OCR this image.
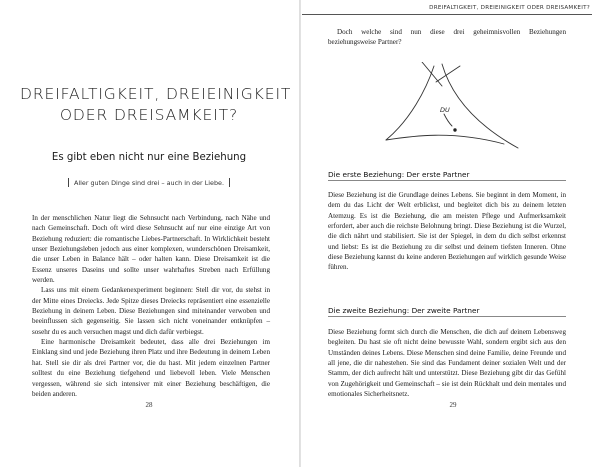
DREIFALTIGKEIT, DREIEINIGKEIT
ODER DREISAMKEIT?
Es gibt eben nicht nur eine Beziehung
Aller guten Dinge sind drei – auch in der Liebe.

In der menschlichen Natur liegt die Sehnsucht nach Verbindung, nach Nähe und nach Gemeinschaft. Doch oft wird diese Sehnsucht auf nur eine einzige Art von Beziehung reduziert: die romantische Liebes-Partnerschaft. In Wirklichkeit besteht unser Beziehungsleben jedoch aus einer komplexen, wunderschönen Dreisamkeit, die unser Leben in Balance hält – oder halten kann. Diese Dreisamkeit ist die Essenz unseres Daseins und sollte unser wahrhaftes Streben nach Erfüllung werden.

Lass uns mit einem Gedankenexperiment beginnen: Stell dir vor, du stehst in der Mitte eines Dreiecks. Jede Spitze dieses Dreiecks repräsentiert eine essenzielle Beziehung in deinem Leben. Diese Beziehungen sind miteinander verwoben und beeinflussen sich gegenseitig. Sie lassen sich nicht voneinander entknüpfen – sosehr du es auch versuchen magst und dich dafür verbiegst.

Eine harmonische Dreisamkeit bedeutet, dass alle drei Beziehungen im Einklang sind und jede Beziehung ihren Platz und ihre Bedeutung in deinem Leben hat. Stell sie dir als drei Partner vor, die du hast. Mit jedem einzelnen Partner solltest du eine Beziehung tiefgehend und liebevoll leben. Viele Menschen vergessen, während sie sich intensiver mit einer Beziehung beschäftigen, die beiden anderen.

28
DREIFALTIGKEIT, DREIEINIGKEIT ODER DREISAMKEIT?
Doch welche sind nun diese drei geheimnisvollen Beziehungen beziehungsweise Partner?
DU
Die erste Beziehung: Der erste Partner

Diese Beziehung ist die Grundlage deines Lebens. Sie beginnt in dem Moment, in dem du das Licht der Welt erblickst, und begleitet dich bis zu deinem letzten Atemzug. Es ist die Beziehung, die am meisten Pflege und Aufmerksamkeit erfordert, aber auch die reichste Belohnung bringt. Diese Beziehung ist die Wurzel, die dich nährt und stabilisiert. Sie ist der Spiegel, in dem du dich selbst erkennst und liebst: Es ist die Beziehung zu dir selbst und deinem tiefsten Inneren. Ohne diese Beziehung kannst du keine anderen Beziehungen auf wirklich gesunde Weise führen.

Die zweite Beziehung: Der zweite Partner

Diese Beziehung formt sich durch die Menschen, die dich auf deinem Lebensweg begleiten. Du hast sie oft nicht deine bewusste Wahl, sondern ergibt sich aus den Umständen deines Lebens. Diese Menschen sind deine Familie, deine Freunde und all jene, die dir nahestehen. Sie sind das Fundament deiner sozialen Welt und der Stamm, der dich aufrecht hält und unterstützt. Diese Beziehung gibt dir das Gefühl von Zugehörigkeit und Gemeinschaft – sie ist dein Rückhalt und dein mentales und emotionales Sicherheitsnetz.

29
